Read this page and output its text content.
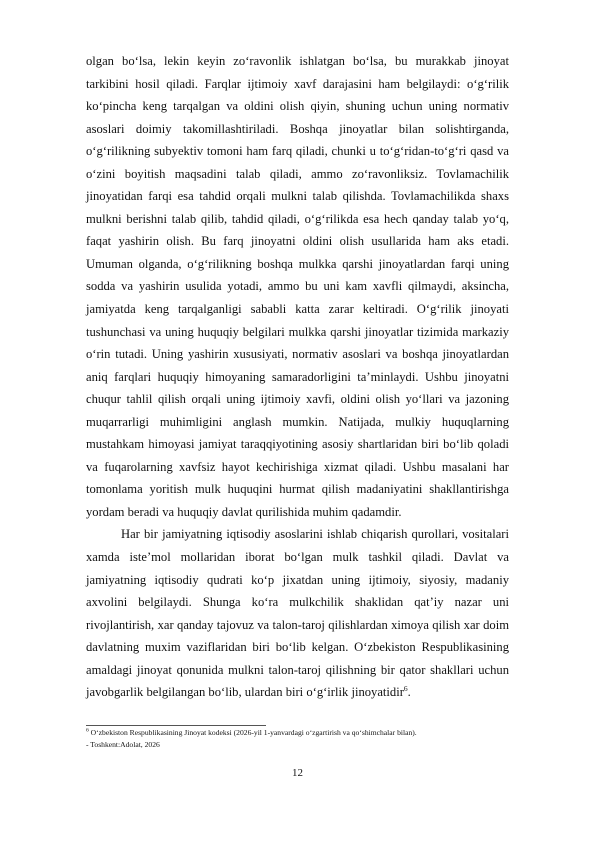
olgan bo‘lsa, lekin keyin zo‘ravonlik ishlatgan bo‘lsa, bu murakkab jinoyat tarkibini hosil qiladi. Farqlar ijtimoiy xavf darajasini ham belgilaydi: o‘g‘rilik ko‘pincha keng tarqalgan va oldini olish qiyin, shuning uchun uning normativ asoslari doimiy takomillashtiriladi. Boshqa jinoyatlar bilan solishtirganda, o‘g‘rilikning subyektiv tomoni ham farq qiladi, chunki u to‘g‘ridan-to‘g‘ri qasd va o‘zini boyitish maqsadini talab qiladi, ammo zo‘ravonliksiz. Tovlamachilik jinoyatidan farqi esa tahdid orqali mulkni talab qilishda. Tovlamachilikda shaxs mulkni berishni talab qilib, tahdid qiladi, o‘g‘rilikda esa hech qanday talab yo‘q, faqat yashirin olish. Bu farq jinoyatni oldini olish usullarida ham aks etadi. Umuman olganda, o‘g‘rilikning boshqa mulkka qarshi jinoyatlardan farqi uning sodda va yashirin usulida yotadi, ammo bu uni kam xavfli qilmaydi, aksincha, jamiyatda keng tarqalganligi sababli katta zarar keltiradi. O‘g‘rilik jinoyati tushunchasi va uning huquqiy belgilari mulkka qarshi jinoyatlar tizimida markaziy o‘rin tutadi. Uning yashirin xususiyati, normativ asoslari va boshqa jinoyatlardan aniq farqlari huquqiy himoyaning samaradorligini ta’minlaydi. Ushbu jinoyatni chuqur tahlil qilish orqali uning ijtimoiy xavfi, oldini olish yo‘llari va jazoning muqarrarligi muhimligini anglash mumkin. Natijada, mulkiy huquqlarning mustahkam himoyasi jamiyat taraqqiyotining asosiy shartlaridan biri bo‘lib qoladi va fuqarolarning xavfsiz hayot kechirishiga xizmat qiladi. Ushbu masalani har tomonlama yoritish mulk huquqini hurmat qilish madaniyatini shakllantirishga yordam beradi va huquqiy davlat qurilishida muhim qadamdir.

Har bir jamiyatning iqtisodiy asoslarini ishlab chiqarish qurollari, vositalari xamda iste’mol mollaridan iborat bo‘lgan mulk tashkil qiladi. Davlat va jamiyatning iqtisodiy qudrati ko‘p jixatdan uning ijtimoiy, siyosiy, madaniy axvolini belgilaydi. Shunga ko‘ra mulkchilik shaklidan qat’iy nazar uni rivojlantirish, xar qanday tajovuz va talon-taroj qilishlardan ximoya qilish xar doim davlatning muxim vaziflaridan biri bo‘lib kelgan. O‘zbekiston Respublikasining amaldagi jinoyat qonunida mulkni talon-taroj qilishning bir qator shakllari uchun javobgarlik belgilangan bo‘lib, ulardan biri o‘g‘irlik jinoyatidir$^6$.

$^6$ O‘zbekiston Respublikasining Jinoyat kodeksi (2026-yil 1-yanvardagi o‘zgartirish va qo‘shimchalar bilan).

- Toshkent:Adolat, 2026

12
